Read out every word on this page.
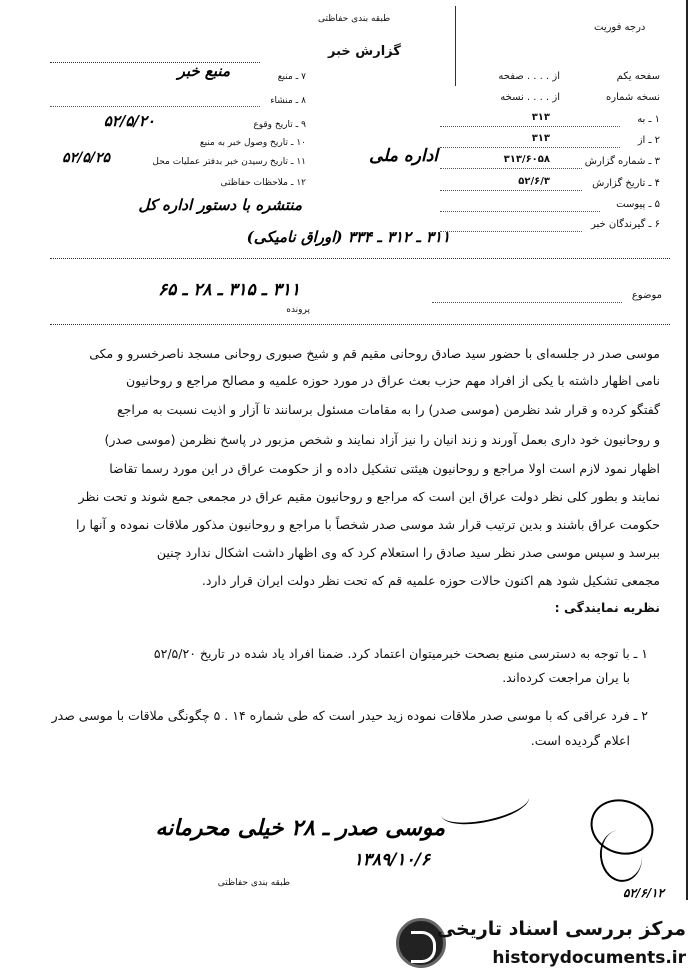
طبقه بندی حفاظتی
گزارش خبر
درجه فوریت
سفحه یکم
از . . . . صفحه
نسخه شماره
از . . . . نسخه
۱ ـ به
۳۱۳
۲ ـ از
۳۱۳
۳ ـ شماره گزارش
۳۱۳/۶۰۵۸
۴ ـ تاریخ گزارش
۵۲/۶/۳
۵ ـ پیوست
۶ ـ گیرندگان خبر
۷ ـ منبع
منبع خبر
۸ ـ منشاء
۹ ـ تاریخ وقوع
۵۲/۵/۲۰
۱۰ ـ تاریخ وصول خبر به منبع
۱۱ ـ تاریخ رسیدن خبر بدفتر عملیات محل
۵۲/۵/۲۵
۱۲ ـ ملاحظات حفاظتی
اداره ملی
منتشره با دستور اداره کل
۳۱۱ ـ ۳۱۲ ـ ۳۳۴ (اوراق نامیکی)
موضوع
۳۱۱ ـ ۳۱۵ ـ ۲۸ ـ ۶۵
پرونده
موسی صدر در جلسه‌ای با حضور سید صادق روحانی مقیم قم و شیخ صبوری روحانی مسجد ناصرخسرو و مکی
نامی اظهار داشته با یکی از افراد مهم حزب بعث عراق در مورد حوزه علمیه و مصالح مراجع و روحانیون
گفتگو کرده و قرار شد نظرمن (موسی صدر) را به مقامات مسئول برسانند تا آزار و اذیت نسبت به مراجع
و روحانیون خود داری بعمل آورند و زند انیان را نیز آزاد نمایند و شخص مزبور در پاسخ نظرمن (موسی صدر)
اظهار نمود لازم است اولا مراجع و روحانیون هیئتی تشکیل داده و از حکومت عراق در این مورد رسما تقاضا
نمایند و بطور کلی نظر دولت عراق این است که مراجع و روحانیون مقیم عراق در مجمعی جمع شوند و تحت نظر
حکومت عراق باشند و بدین ترتیب قرار شد موسی صدر شخصاً با مراجع و روحانیون مذکور ملاقات نموده و آنها را
ببرسد و سپس موسی صدر نظر سید صادق را استعلام کرد که وی اظهار داشت اشکال ندارد چنین
مجمعی تشکیل شود هم اکنون حالات حوزه علمیه قم که تحت نظر دولت ایران قرار دارد.
نظریه نمایندگی :
۱ ـ با توجه به دسترسی منبع بصحت خبرمیتوان اعتماد کرد. ضمنا افراد یاد شده در تاریخ ۵۲/۵/۲۰
با یران مراجعت کرده‌اند.
۲ ـ فرد عراقی که با موسی صدر ملاقات نموده زید حیدر است که طی شماره ۱۴ . ۵ چگونگی ملاقات با موسی صدر
اعلام گردیده است.
موسی صدر ـ ۲۸ خیلی محرمانه
۱۳۸۹/۱۰/۶
طبقه بندی حفاظتی
۵۲/۶/۱۲
مرکز بررسی اسناد تاریخی
historydocuments.ir
